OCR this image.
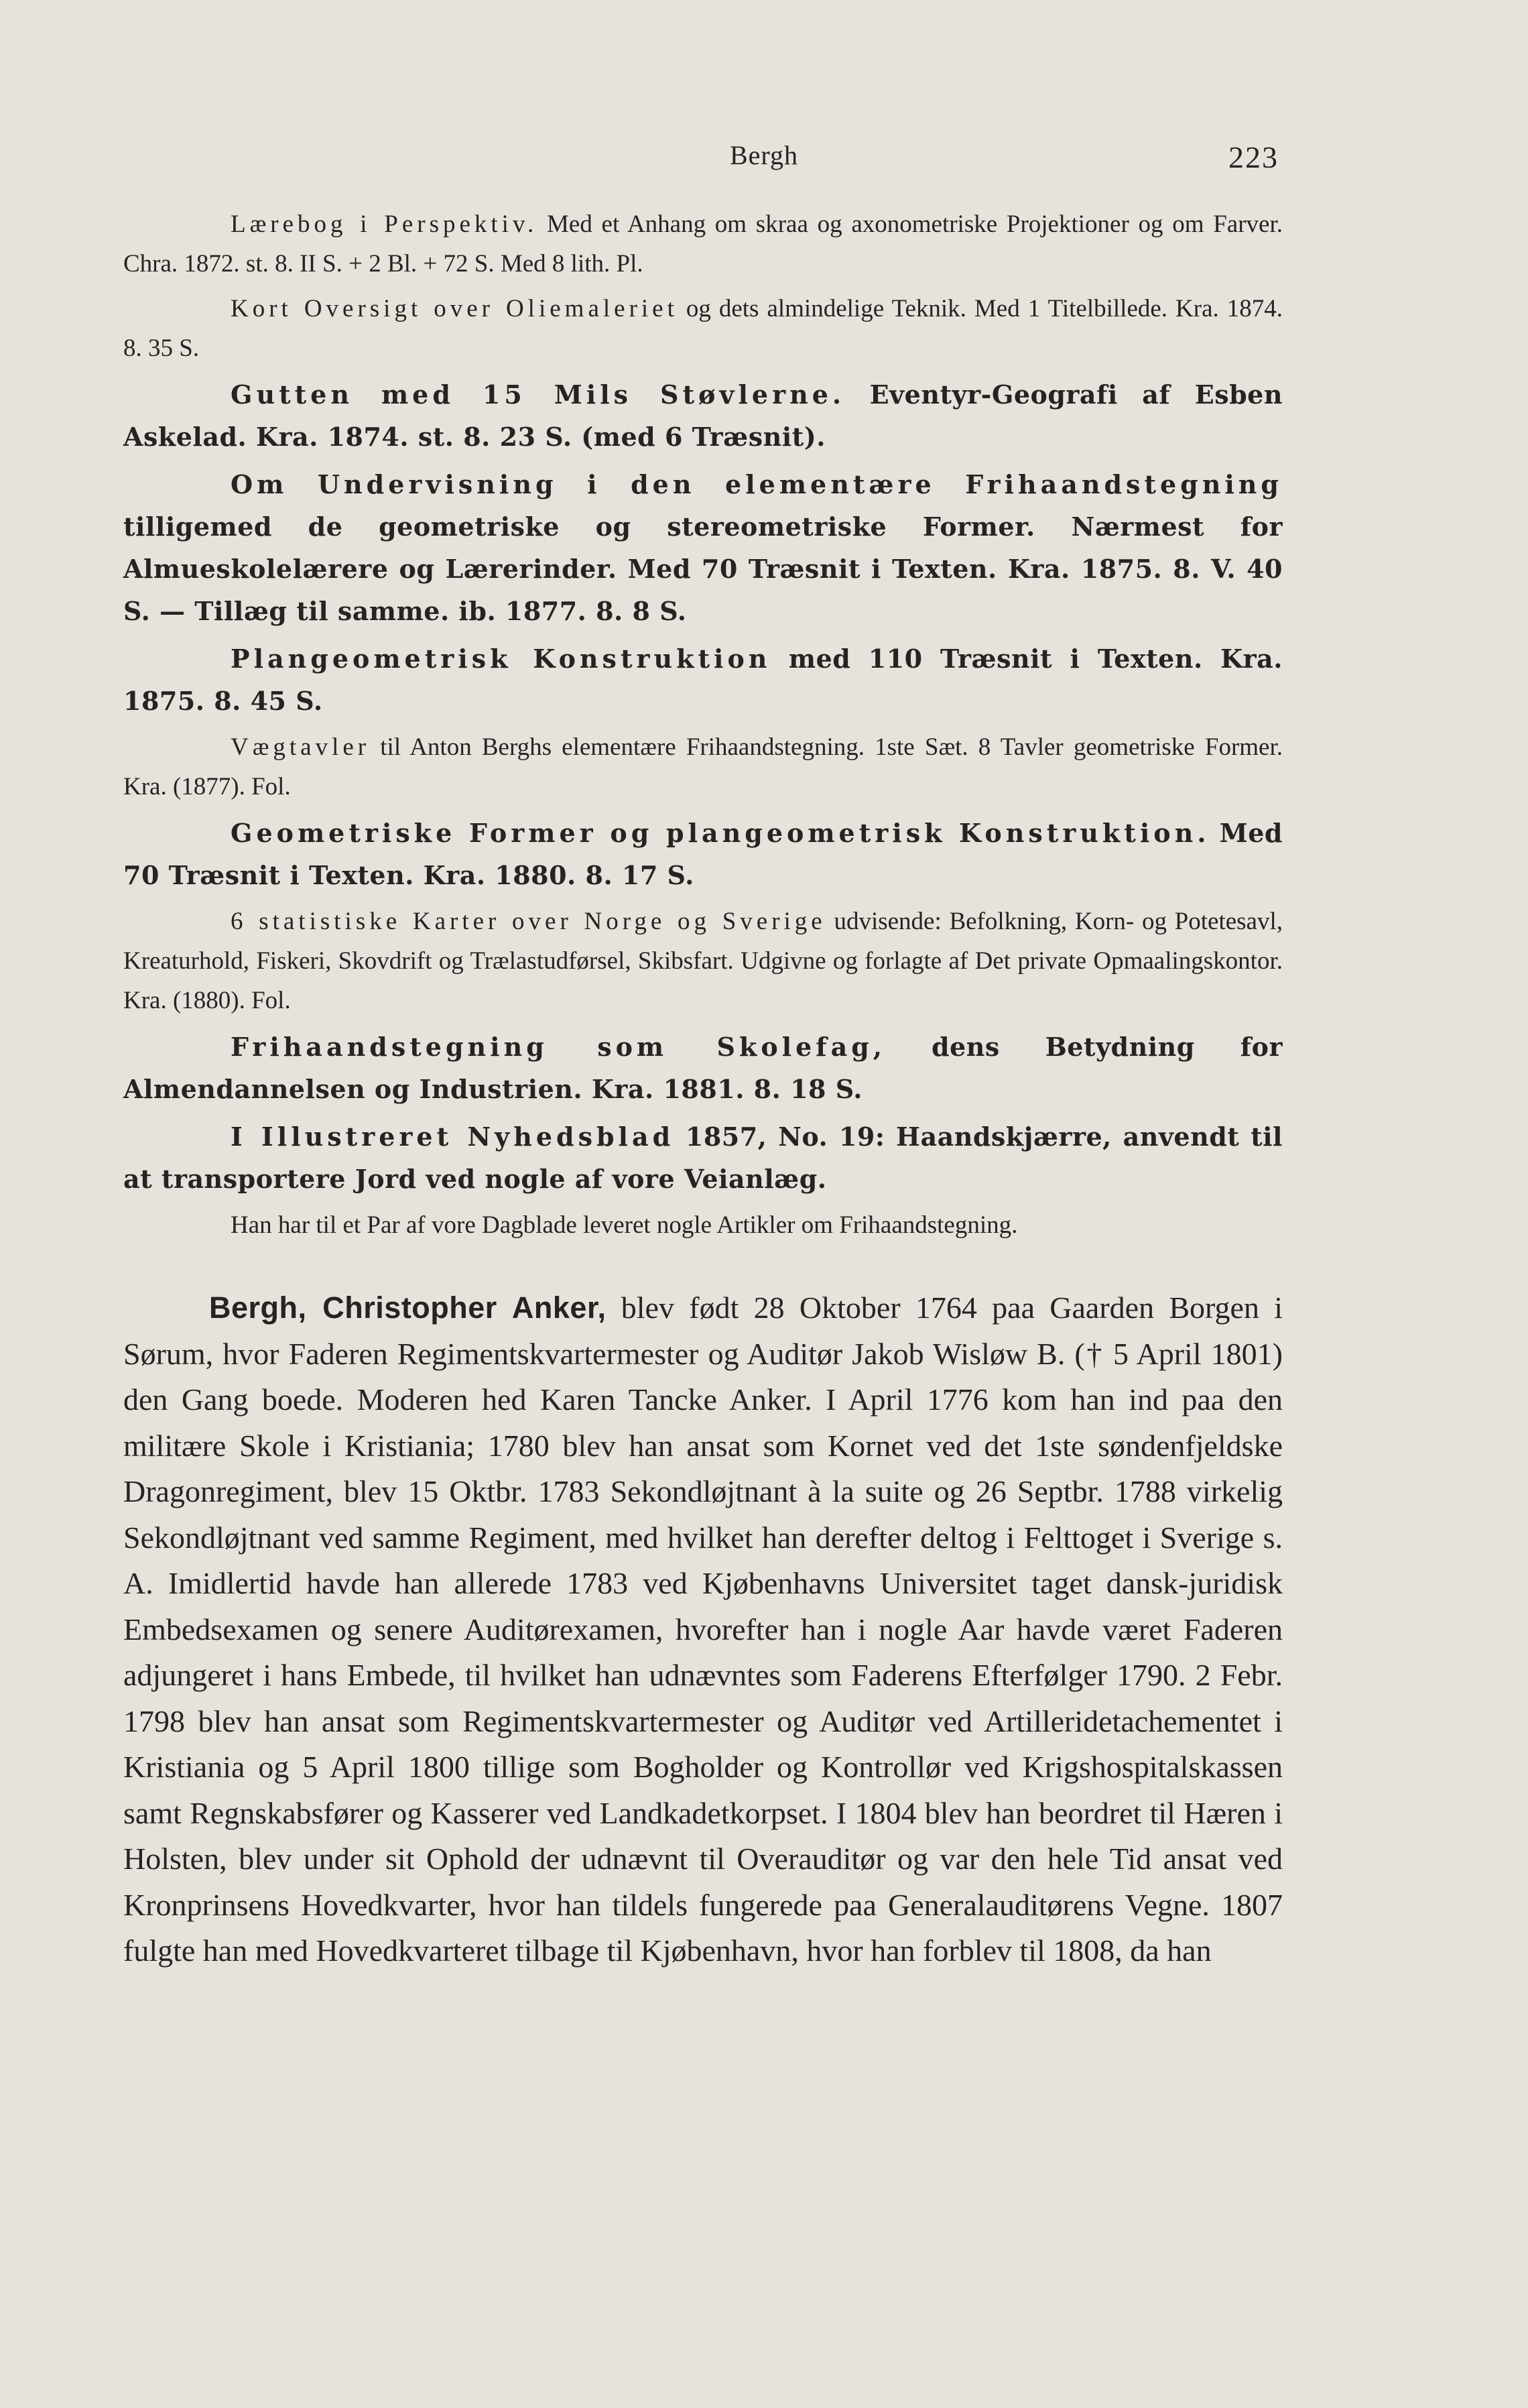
Bergh	223

Lærebog i Perspektiv. Med et Anhang om skraa og axonometriske Projektioner og om Farver. Chra. 1872. st. 8. II S. + 2 Bl. + 72 S. Med 8 lith. Pl.

Kort Oversigt over Oliemaleriet og dets almindelige Teknik. Med 1 Titelbillede. Kra. 1874. 8. 35 S.

Gutten med 15 Mils Støvlerne. Eventyr-Geografi af Esben Askelad. Kra. 1874. st. 8. 23 S. (med 6 Træsnit).

Om Undervisning i den elementære Frihaandstegning tilligemed de geometriske og stereometriske Former. Nærmest for Almueskolelærere og Lærerinder. Med 70 Træsnit i Texten. Kra. 1875. 8. V. 40 S. — Tillæg til samme. ib. 1877. 8. 8 S.

Plangeometrisk Konstruktion med 110 Træsnit i Texten. Kra. 1875. 8. 45 S.

Vægtavler til Anton Berghs elementære Frihaandstegning. 1ste Sæt. 8 Tavler geometriske Former. Kra. (1877). Fol.

Geometriske Former og plangeometrisk Konstruktion. Med 70 Træsnit i Texten. Kra. 1880. 8. 17 S.

6 statistiske Karter over Norge og Sverige udvisende: Befolkning, Korn- og Potetesavl, Kreaturhold, Fiskeri, Skovdrift og Trælastudførsel, Skibsfart. Udgivne og forlagte af Det private Opmaalingskontor. Kra. (1880). Fol.

Frihaandstegning som Skolefag, dens Betydning for Almendannelsen og Industrien. Kra. 1881. 8. 18 S.

I Illustreret Nyhedsblad 1857, No. 19: Haandskjærre, anvendt til at transportere Jord ved nogle af vore Veianlæg.

Han har til et Par af vore Dagblade leveret nogle Artikler om Frihaandstegning.

Bergh, Christopher Anker, blev født 28 Oktober 1764 paa Gaarden Borgen i Sørum, hvor Faderen Regimentskvartermester og Auditør Jakob Wisløw B. († 5 April 1801) den Gang boede. Moderen hed Karen Tancke Anker. I April 1776 kom han ind paa den militære Skole i Kristiania; 1780 blev han ansat som Kornet ved det 1ste søndenfjeldske Dragonregiment, blev 15 Oktbr. 1783 Sekondløjtnant à la suite og 26 Septbr. 1788 virkelig Sekondløjtnant ved samme Regiment, med hvilket han derefter deltog i Felttoget i Sverige s. A. Imidlertid havde han allerede 1783 ved Kjøbenhavns Universitet taget dansk-juridisk Embedsexamen og senere Auditørexamen, hvorefter han i nogle Aar havde været Faderen adjungeret i hans Embede, til hvilket han udnævntes som Faderens Efterfølger 1790. 2 Febr. 1798 blev han ansat som Regimentskvartermester og Auditør ved Artilleridetachementet i Kristiania og 5 April 1800 tillige som Bogholder og Kontrollør ved Krigshospitalskassen samt Regnskabsfører og Kasserer ved Landkadetkorpset. I 1804 blev han beordret til Hæren i Holsten, blev under sit Ophold der udnævnt til Overauditør og var den hele Tid ansat ved Kronprinsens Hovedkvarter, hvor han tildels fungerede paa Generalauditørens Vegne. 1807 fulgte han med Hovedkvarteret tilbage til Kjøbenhavn, hvor han forblev til 1808, da han
